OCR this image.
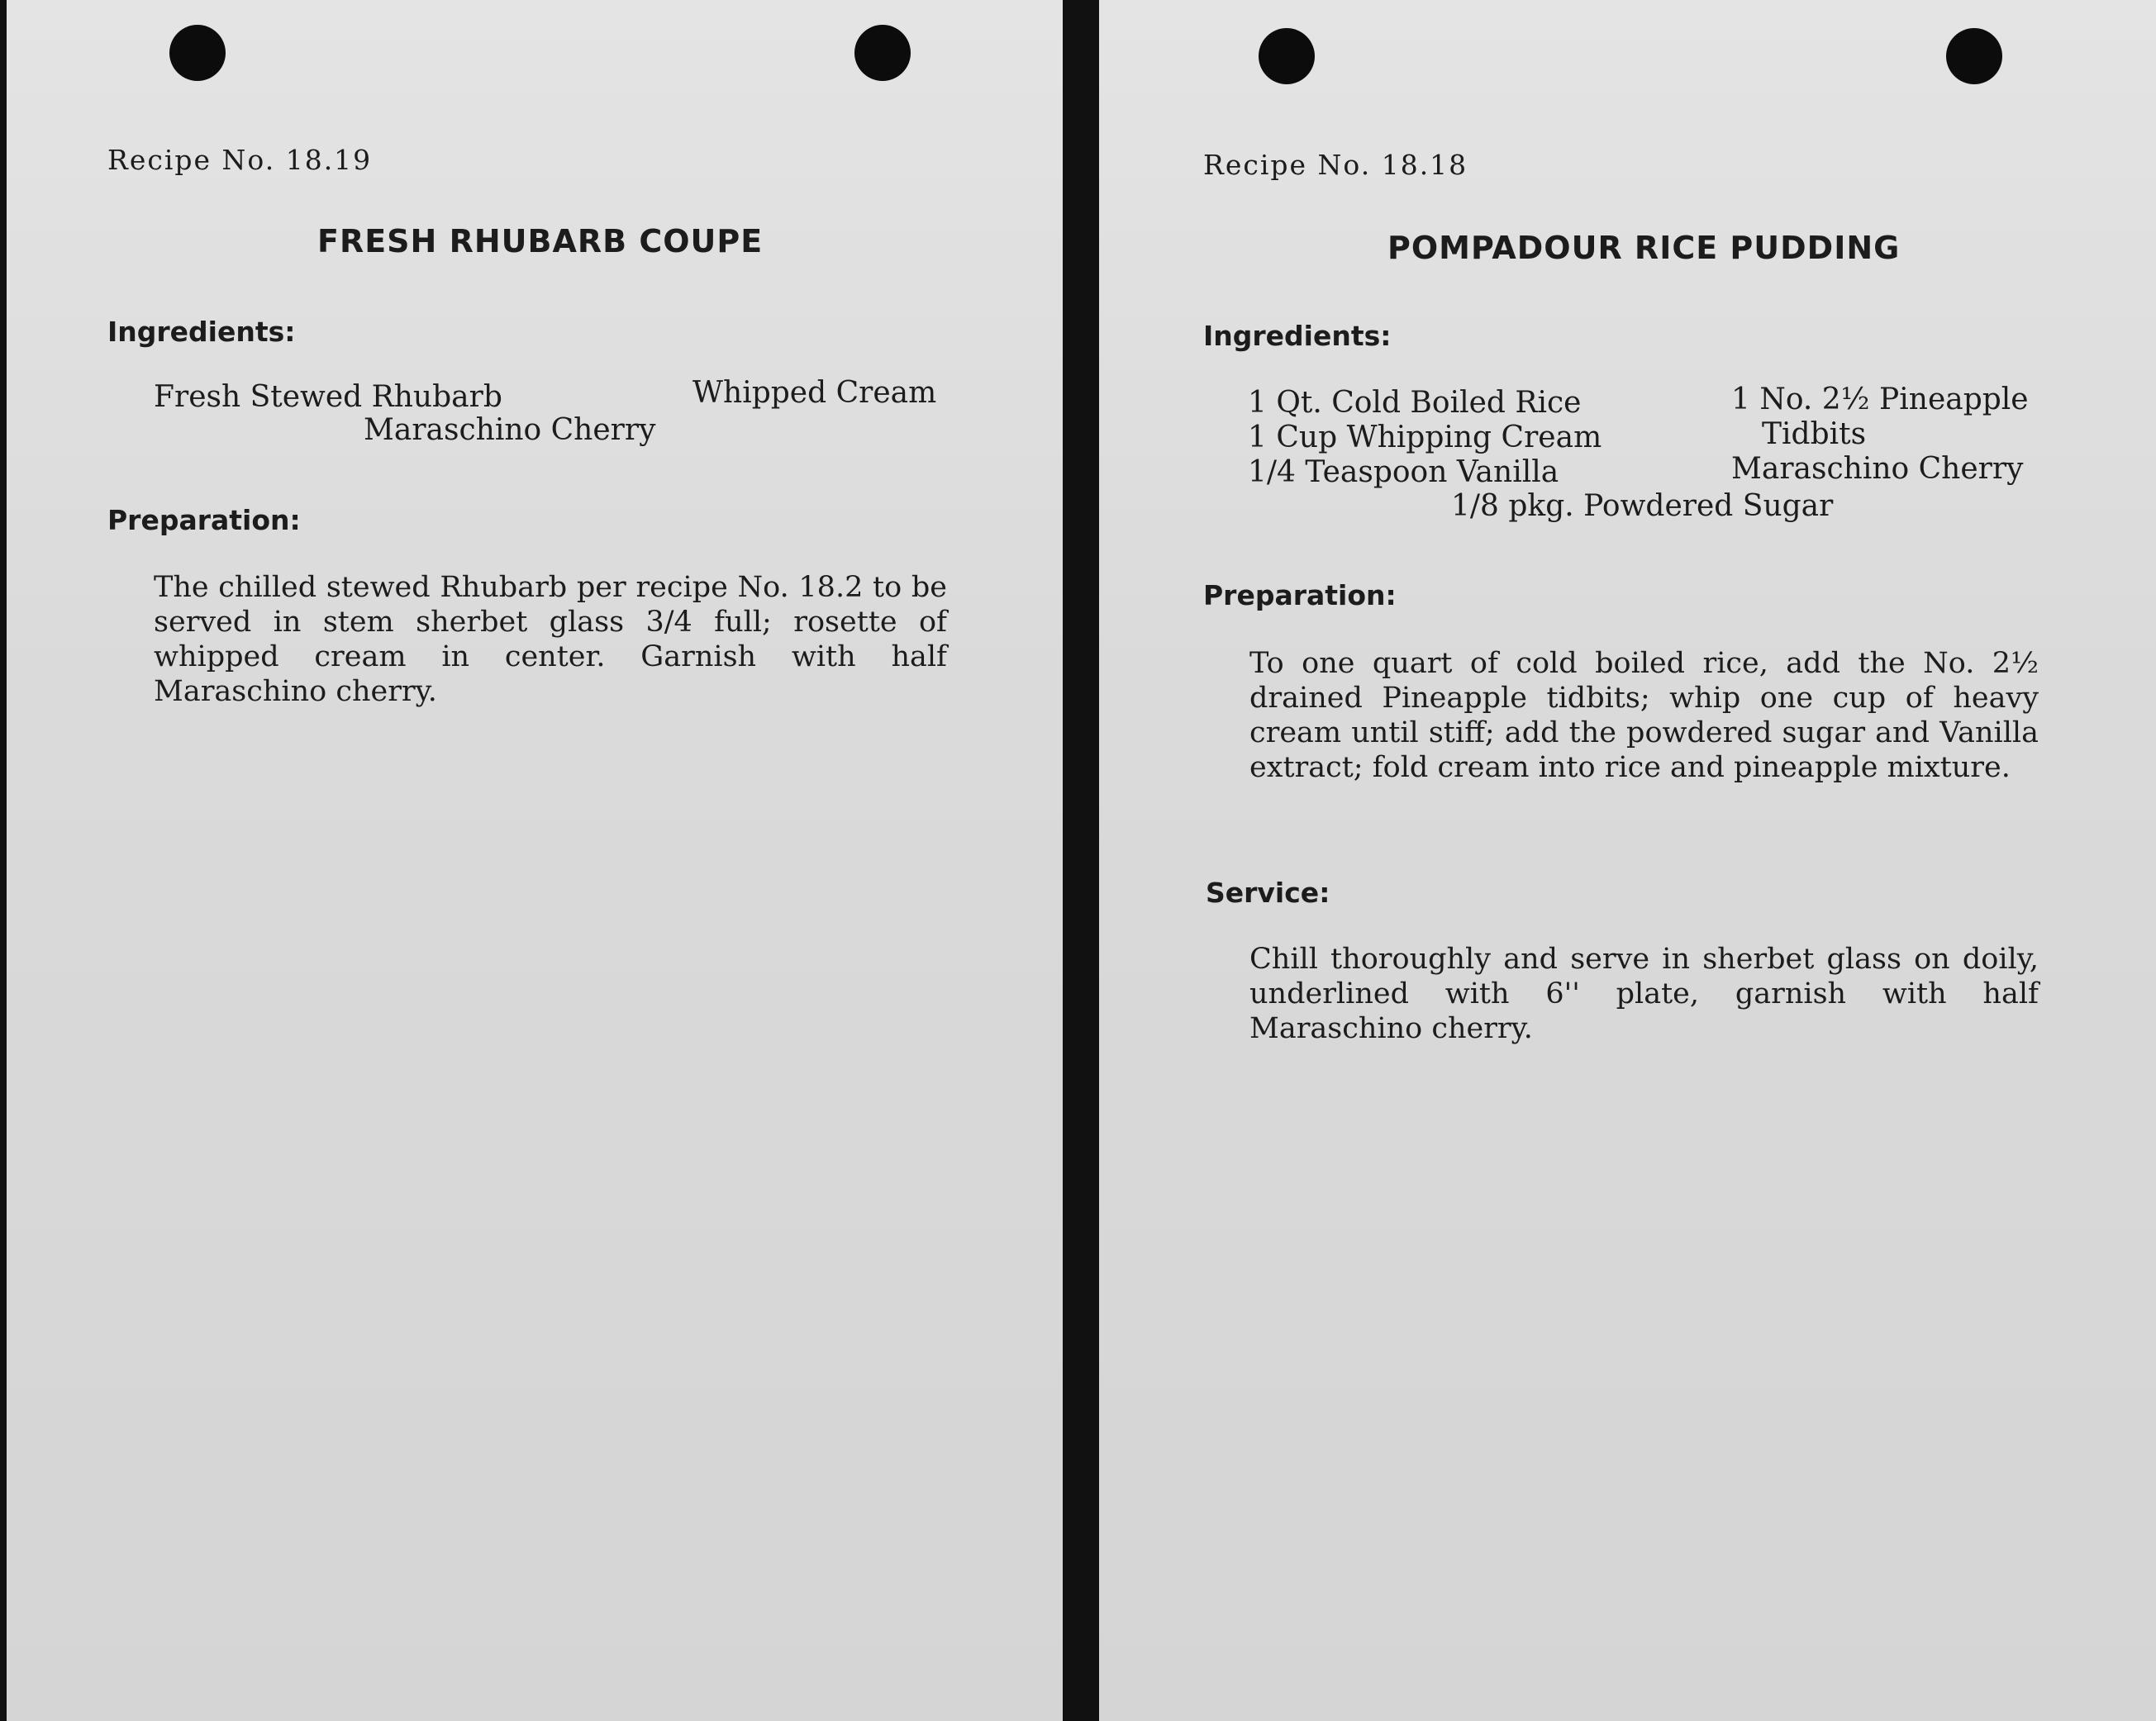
Recipe No. 18.19
FRESH RHUBARB COUPE
Ingredients:
Fresh Stewed Rhubarb	Whipped Cream
Maraschino Cherry
Preparation:
The chilled stewed Rhubarb per recipe No. 18.2 to be served in stem sherbet glass 3/4 full; rosette of whipped cream in center. Garnish with half Maraschino cherry.
Recipe No. 18.18
POMPADOUR RICE PUDDING
Ingredients:
1 Qt. Cold Boiled Rice
1 Cup Whipping Cream
1/4 Teaspoon Vanilla
1 No. 2½ Pineapple
Tidbits
Maraschino Cherry
1/8 pkg. Powdered Sugar
Preparation:
To one quart of cold boiled rice, add the No. 2½ drained Pineapple tidbits; whip one cup of heavy cream until stiff; add the powdered sugar and Vanilla extract; fold cream into rice and pineapple mixture.
Service:
Chill thoroughly and serve in sherbet glass on doily, underlined with 6'' plate, garnish with half Maraschino cherry.
